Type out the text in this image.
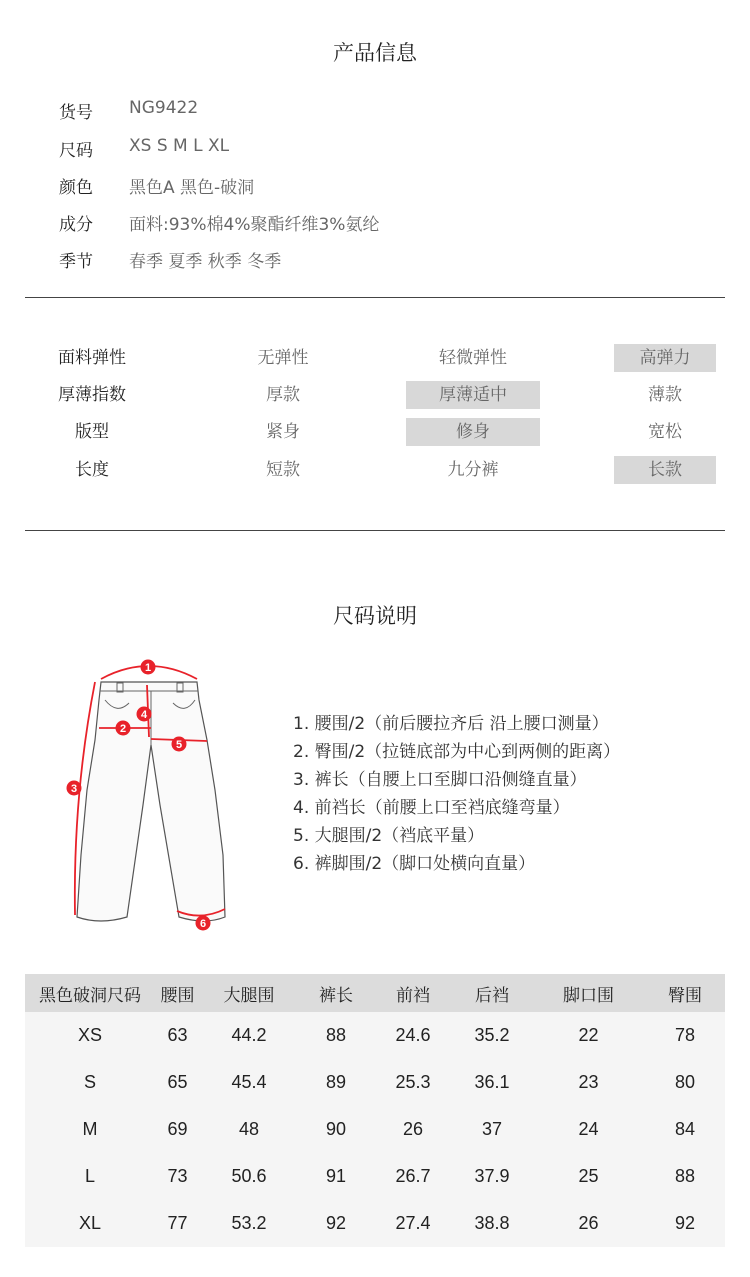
产品信息
货号	NG9422
尺码	XS S M L XL
颜色	黑色A 黑色-破洞
成分	面料:93%棉4%聚酯纤维3%氨纶
季节	春季 夏季 秋季 冬季
面料弹性	无弹性	轻微弹性	高弹力
厚薄指数	厚款	厚薄适中	薄款
版型	紧身	修身	宽松
长度	短款	九分裤	长款
尺码说明
1
2
3
4
5
6
1. 腰围/2（前后腰拉齐后 沿上腰口测量）
2. 臀围/2（拉链底部为中心到两侧的距离）
3. 裤长（自腰上口至脚口沿侧缝直量）
4. 前裆长（前腰上口至裆底缝弯量）
5. 大腿围/2（裆底平量）
6. 裤脚围/2（脚口处横向直量）
黑色破洞尺码	腰围	大腿围	裤长	前裆	后裆	脚口围	臀围
XS	63	44.2	88	24.6	35.2	22	78
S	65	45.4	89	25.3	36.1	23	80
M	69	48	90	26	37	24	84
L	73	50.6	91	26.7	37.9	25	88
XL	77	53.2	92	27.4	38.8	26	92
